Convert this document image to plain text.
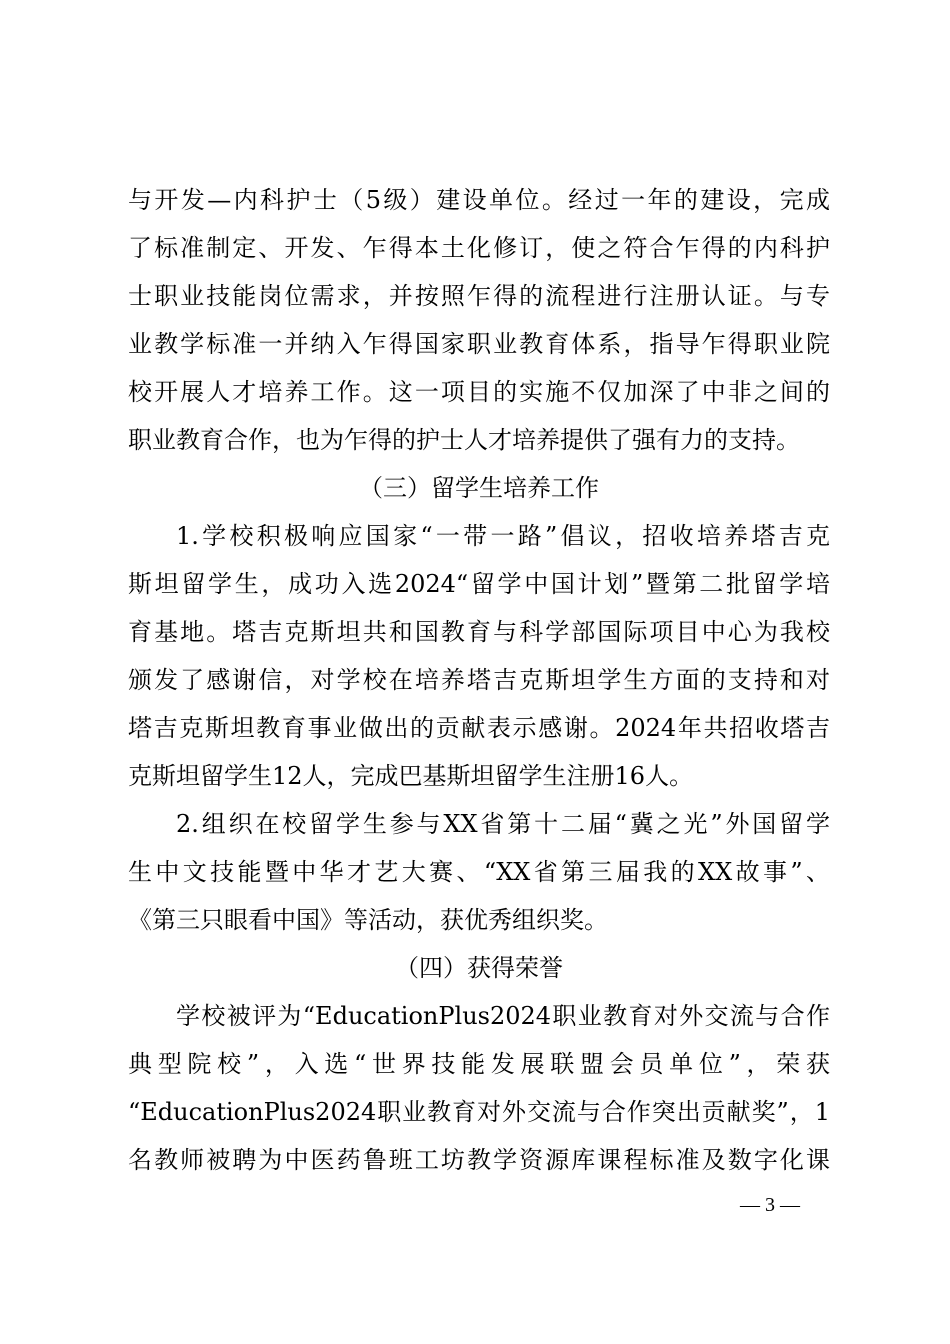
与开发—内科护士（5级）建设单位。经过一年的建设，完成
了标准制定、开发、乍得本土化修订，使之符合乍得的内科护
士职业技能岗位需求，并按照乍得的流程进行注册认证。与专
业教学标准一并纳入乍得国家职业教育体系，指导乍得职业院
校开展人才培养工作。这一项目的实施不仅加深了中非之间的
职业教育合作，也为乍得的护士人才培养提供了强有力的支持。
（三）留学生培养工作
1.学校积极响应国家“一带一路”倡议，招收培养塔吉克
斯坦留学生，成功入选2024“留学中国计划”暨第二批留学培
育基地。塔吉克斯坦共和国教育与科学部国际项目中心为我校
颁发了感谢信，对学校在培养塔吉克斯坦学生方面的支持和对
塔吉克斯坦教育事业做出的贡献表示感谢。2024年共招收塔吉
克斯坦留学生12人，完成巴基斯坦留学生注册16人。
2.组织在校留学生参与XX省第十二届“冀之光”外国留学
生中文技能暨中华才艺大赛、“XX省第三届我的XX故事”、
《第三只眼看中国》等活动，获优秀组织奖。
（四）获得荣誉
学校被评为“EducationPlus2024职业教育对外交流与合作
典型院校”，入选“世界技能发展联盟会员单位”，荣获
“EducationPlus2024职业教育对外交流与合作突出贡献奖”，1
名教师被聘为中医药鲁班工坊教学资源库课程标准及数字化课
— 3 —
